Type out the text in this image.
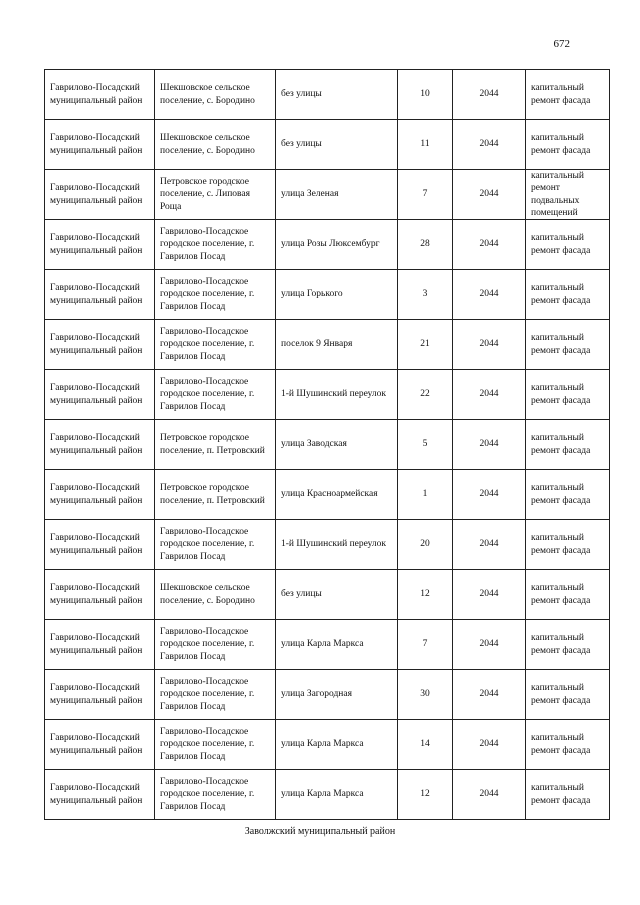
672
Гаврилово-Посадский муниципальный район	Шекшовское сельское поселение, с. Бородино	без улицы	10	2044	капитальный ремонт фасада
Гаврилово-Посадский муниципальный район	Шекшовское сельское поселение, с. Бородино	без улицы	11	2044	капитальный ремонт фасада
Гаврилово-Посадский муниципальный район	Петровское городское поселение, с. Липовая Роща	улица Зеленая	7	2044	капитальный ремонт подвальных помещений
Гаврилово-Посадский муниципальный район	Гаврилово-Посадское городское поселение, г. Гаврилов Посад	улица Розы Люксембург	28	2044	капитальный ремонт фасада
Гаврилово-Посадский муниципальный район	Гаврилово-Посадское городское поселение, г. Гаврилов Посад	улица Горького	3	2044	капитальный ремонт фасада
Гаврилово-Посадский муниципальный район	Гаврилово-Посадское городское поселение, г. Гаврилов Посад	поселок 9 Января	21	2044	капитальный ремонт фасада
Гаврилово-Посадский муниципальный район	Гаврилово-Посадское городское поселение, г. Гаврилов Посад	1-й Шушинский переулок	22	2044	капитальный ремонт фасада
Гаврилово-Посадский муниципальный район	Петровское городское поселение, п. Петровский	улица Заводская	5	2044	капитальный ремонт фасада
Гаврилово-Посадский муниципальный район	Петровское городское поселение, п. Петровский	улица Красноармейская	1	2044	капитальный ремонт фасада
Гаврилово-Посадский муниципальный район	Гаврилово-Посадское городское поселение, г. Гаврилов Посад	1-й Шушинский переулок	20	2044	капитальный ремонт фасада
Гаврилово-Посадский муниципальный район	Шекшовское сельское поселение, с. Бородино	без улицы	12	2044	капитальный ремонт фасада
Гаврилово-Посадский муниципальный район	Гаврилово-Посадское городское поселение, г. Гаврилов Посад	улица Карла Маркса	7	2044	капитальный ремонт фасада
Гаврилово-Посадский муниципальный район	Гаврилово-Посадское городское поселение, г. Гаврилов Посад	улица Загородная	30	2044	капитальный ремонт фасада
Гаврилово-Посадский муниципальный район	Гаврилово-Посадское городское поселение, г. Гаврилов Посад	улица Карла Маркса	14	2044	капитальный ремонт фасада
Гаврилово-Посадский муниципальный район	Гаврилово-Посадское городское поселение, г. Гаврилов Посад	улица Карла Маркса	12	2044	капитальный ремонт фасада
Заволжский муниципальный район
